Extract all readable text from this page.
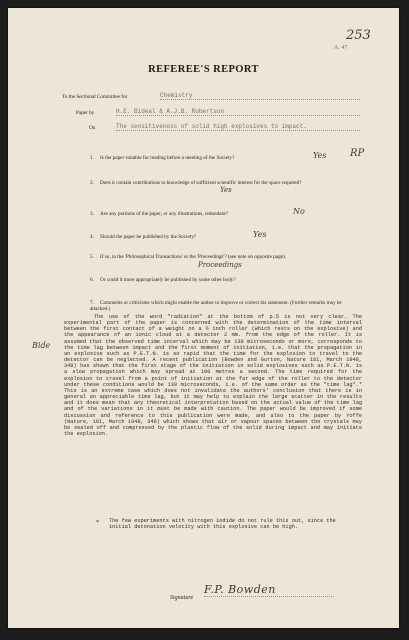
253
A. 47
REFEREE'S REPORT
To the Sectional Committee for	Chemistry
Paper by	H.E. Bideal & A.J.B. Robertson
On	The sensitiveness of solid high explosives to impact.
1. Is the paper suitable for reading before a meeting of the Society?	Yes RP
2. Does it contain contributions to knowledge of sufficient scientific interest for the space required?
Yes
3. Are any portions of the paper, or any illustrations, redundant?	No
4. Should the paper be published by the Society?	Yes
5. If so, in the 'Philosophical Transactions' or the 'Proceedings'? (see note on opposite page).
Proceedings
6. Or could it more appropriately be published by some other body?
7. Comments or criticisms which might enable the author to improve or correct his statement. (Further remarks may be attached.)
Bide

The use of the word "radiation" at the bottom of p.5 is not very clear. The experimental part of the paper is concerned with the determination of the time interval between the first contact of a weight on a ½ inch roller (which rests on the explosive) and the appearance of an ionic cloud at a detector 2 mm. from the edge of the roller. It is assumed that the observed time interval which may be 130 microseconds or more, corresponds to the time lag between impact and the first moment of initiation, i.e. that the propagation in an explosive such as P.E.T.N. is so rapid that the time for the explosion to travel to the detector can be neglected. A recent publication (Bowden and Gurton, Nature 161, March 1948, 348) has shown that the first stage of the initiation in solid explosives such as P.E.T.N. is a slow propagation which may spread at 100 metres a second. The time required for the explosion to travel from a point of initiation at the far edge of the roller to the detector under these conditions would be 130 microseconds, i.e. of the same order as the "time lag".* This is an extreme case which does not invalidate the authors' conclusion that there is in general an appreciable time lag, but it may help to explain the large scatter in the results and it does mean that any theoretical interpretation based on the actual value of the time lag and of the variations in it must be made with caution. The paper would be improved if some discussion and reference to this publication were made, and also to the paper by Yoffe (Nature, 161, March 1948, 349) which shows that air or vapour spaces between the crystals may be sealed off and compressed by the plastic flow of the solid during impact and may initiate the explosion.

* The few experiments with nitrogen iodide do not rule this out, since the initial detonation velocity with this explosive can be high.
Signature
F.P. Bowden
